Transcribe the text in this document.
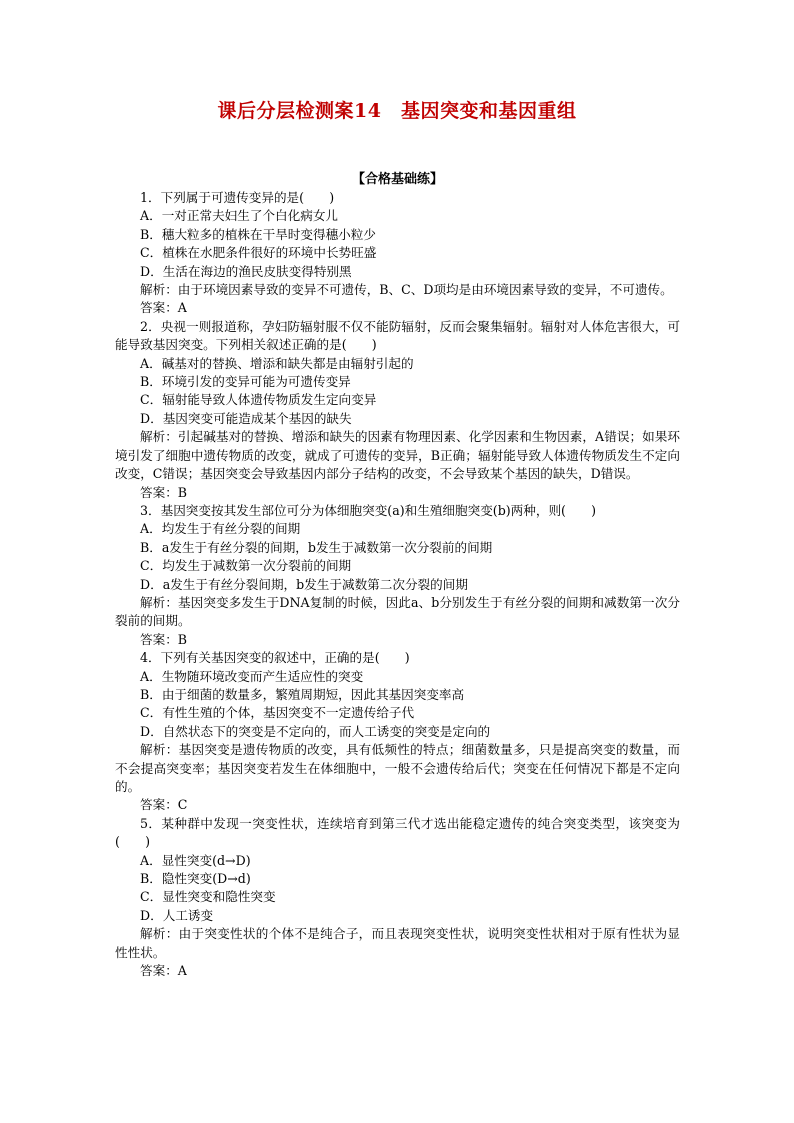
课后分层检测案14　基因突变和基因重组
【合格基础练】
1．下列属于可遗传变异的是(　　)
A．一对正常夫妇生了个白化病女儿
B．穗大粒多的植株在干旱时变得穗小粒少
C．植株在水肥条件很好的环境中长势旺盛
D．生活在海边的渔民皮肤变得特别黑
解析：由于环境因素导致的变异不可遗传，B、C、D项均是由环境因素导致的变异，不可遗传。
答案：A
2．央视一则报道称，孕妇防辐射服不仅不能防辐射，反而会聚集辐射。辐射对人体危害很大，可能导致基因突变。下列相关叙述正确的是(　　)
A．碱基对的替换、增添和缺失都是由辐射引起的
B．环境引发的变异可能为可遗传变异
C．辐射能导致人体遗传物质发生定向变异
D．基因突变可能造成某个基因的缺失
解析：引起碱基对的替换、增添和缺失的因素有物理因素、化学因素和生物因素，A错误；如果环境引发了细胞中遗传物质的改变，就成了可遗传的变异，B正确；辐射能导致人体遗传物质发生不定向改变，C错误；基因突变会导致基因内部分子结构的改变，不会导致某个基因的缺失，D错误。
答案：B
3．基因突变按其发生部位可分为体细胞突变(a)和生殖细胞突变(b)两种，则(　　)
A．均发生于有丝分裂的间期
B．a发生于有丝分裂的间期，b发生于减数第一次分裂前的间期
C．均发生于减数第一次分裂前的间期
D．a发生于有丝分裂间期，b发生于减数第二次分裂的间期
解析：基因突变多发生于DNA复制的时候，因此a、b分别发生于有丝分裂的间期和减数第一次分裂前的间期。
答案：B
4．下列有关基因突变的叙述中，正确的是(　　)
A．生物随环境改变而产生适应性的突变
B．由于细菌的数量多，繁殖周期短，因此其基因突变率高
C．有性生殖的个体，基因突变不一定遗传给子代
D．自然状态下的突变是不定向的，而人工诱变的突变是定向的
解析：基因突变是遗传物质的改变，具有低频性的特点；细菌数量多，只是提高突变的数量，而不会提高突变率；基因突变若发生在体细胞中，一般不会遗传给后代；突变在任何情况下都是不定向的。
答案：C
5．某种群中发现一突变性状，连续培育到第三代才选出能稳定遗传的纯合突变类型，该突变为(　　)
A．显性突变(d→D)
B．隐性突变(D→d)
C．显性突变和隐性突变
D．人工诱变
解析：由于突变性状的个体不是纯合子，而且表现突变性状，说明突变性状相对于原有性状为显性性状。
答案：A
